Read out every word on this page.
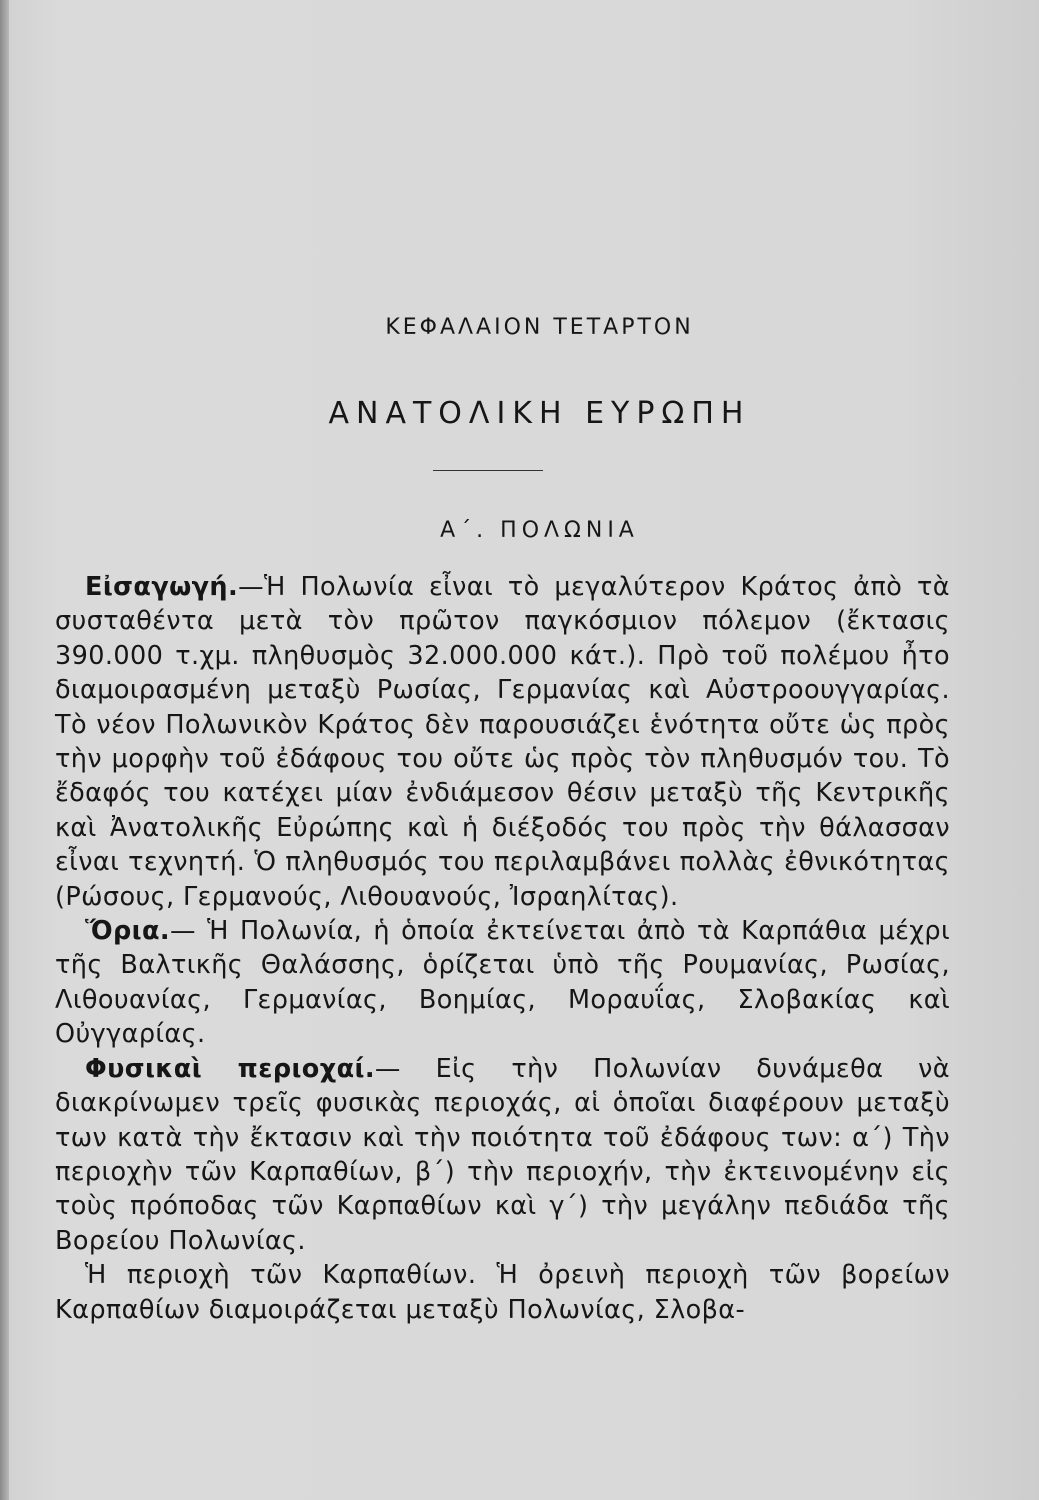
ΚΕΦΑΛΑΙΟΝ ΤΕΤΑΡΤΟΝ
ΑΝΑΤΟΛΙΚΗ ΕΥΡΩΠΗ
Α΄. ΠΟΛΩΝΙΑ

Εἰσαγωγή.—Ἡ Πολωνία εἶναι τὸ μεγαλύτερον Κράτος ἀπὸ τὰ συσταθέντα μετὰ τὸν πρῶτον παγκόσμιον πόλεμον (ἔκτασις 390.000 τ.χμ. πληθυσμὸς 32.000.000 κάτ.). Πρὸ τοῦ πολέμου ἦτο διαμοιρασμένη μεταξὺ Ρωσίας, Γερμανίας καὶ Αὐστροουγγαρίας. Τὸ νέον Πολωνικὸν Κράτος δὲν παρουσιάζει ἑνότητα οὔτε ὡς πρὸς τὴν μορφὴν τοῦ ἐδάφους του οὔτε ὡς πρὸς τὸν πληθυσμόν του. Τὸ ἔδαφός του κατέχει μίαν ἐνδιάμεσον θέσιν μεταξὺ τῆς Κεντρικῆς καὶ Ἀνατολικῆς Εὐρώπης καὶ ἡ διέξοδός του πρὸς τὴν θάλασσαν εἶναι τεχνητή. Ὁ πληθυσμός του περιλαμβάνει πολλὰς ἐθνικότητας (Ρώσους, Γερμανούς, Λιθουανούς, Ἰσραηλίτας).

Ὅρια.— Ἡ Πολωνία, ἡ ὁποία ἐκτείνεται ἀπὸ τὰ Καρπάθια μέχρι τῆς Βαλτικῆς Θαλάσσης, ὁρίζεται ὑπὸ τῆς Ρουμανίας, Ρωσίας, Λιθουανίας, Γερμανίας, Βοημίας, Μοραυΐας, Σλοβακίας καὶ Οὐγγαρίας.

Φυσικαὶ περιοχαί.— Εἰς τὴν Πολωνίαν δυνάμεθα νὰ διακρίνωμεν τρεῖς φυσικὰς περιοχάς, αἱ ὁποῖαι διαφέρουν μεταξὺ των κατὰ τὴν ἔκτασιν καὶ τὴν ποιότητα τοῦ ἐδάφους των: α΄) Τὴν περιοχὴν τῶν Καρπαθίων, β΄) τὴν περιοχήν, τὴν ἐκτεινομένην εἰς τοὺς πρόποδας τῶν Καρπαθίων καὶ γ΄) τὴν μεγάλην πεδιάδα τῆς Βορείου Πολωνίας.

Ἡ περιοχὴ τῶν Καρπαθίων. Ἡ ὀρεινὴ περιοχὴ τῶν βορείων Καρπαθίων διαμοιράζεται μεταξὺ Πολωνίας, Σλοβα-
